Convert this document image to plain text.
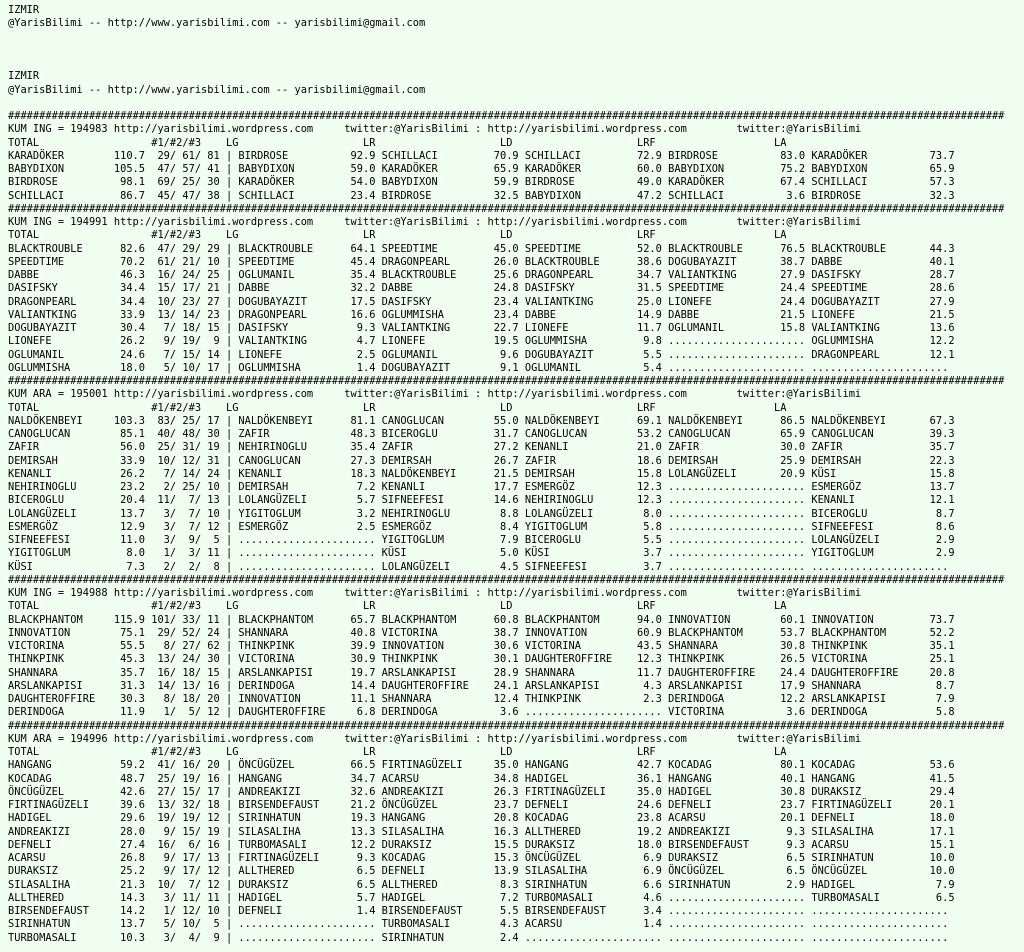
IZMIR
@YarisBilimi -- http://www.yarisbilimi.com -- yarisbilimi@gmail.com
IZMIR
@YarisBilimi -- http://www.yarisbilimi.com -- yarisbilimi@gmail.com
################################################################################################################################################################
KUM ING = 194983 http://yarisbilimi.wordpress.com     twitter:@YarisBilimi : http://yarisbilimi.wordpress.com        twitter:@YarisBilimi
TOTAL                  #1/#2/#3    LG                    LR                    LD                    LRF                   LA
KARADÖKER        110.7  29/ 61/ 81 | BIRDROSE          92.9 SCHILLACI         70.9 SCHILLACI         72.9 BIRDROSE          83.0 KARADÖKER          73.7
BABYDIXON        105.5  47/ 57/ 41 | BABYDIXON         59.0 KARADÖKER         65.9 KARADÖKER         60.0 BABYDIXON         75.2 BABYDIXON          65.9
BIRDROSE          98.1  69/ 25/ 30 | KARADÖKER         54.0 BABYDIXON         59.9 BIRDROSE          49.0 KARADÖKER         67.4 SCHILLACI          57.3
SCHILLACI         86.7  45/ 47/ 38 | SCHILLACI         23.4 BIRDROSE          32.5 BABYDIXON         47.2 SCHILLACI          3.6 BIRDROSE           32.3
################################################################################################################################################################
KUM ING = 194991 http://yarisbilimi.wordpress.com     twitter:@YarisBilimi : http://yarisbilimi.wordpress.com        twitter:@YarisBilimi
TOTAL                  #1/#2/#3    LG                    LR                    LD                    LRF                   LA
BLACKTROUBLE      82.6  47/ 29/ 29 | BLACKTROUBLE      64.1 SPEEDTIME         45.0 SPEEDTIME         52.0 BLACKTROUBLE      76.5 BLACKTROUBLE       44.3
SPEEDTIME         70.2  61/ 21/ 10 | SPEEDTIME         45.4 DRAGONPEARL       26.0 BLACKTROUBLE      38.6 DOGUBAYAZIT       38.7 DABBE              40.1
DABBE             46.3  16/ 24/ 25 | OGLUMANIL         35.4 BLACKTROUBLE      25.6 DRAGONPEARL       34.7 VALIANTKING       27.9 DASIFSKY           28.7
DASIFSKY          34.4  15/ 17/ 21 | DABBE             32.2 DABBE             24.8 DASIFSKY          31.5 SPEEDTIME         24.4 SPEEDTIME          28.6
DRAGONPEARL       34.4  10/ 23/ 27 | DOGUBAYAZIT       17.5 DASIFSKY          23.4 VALIANTKING       25.0 LIONEFE           24.4 DOGUBAYAZIT        27.9
VALIANTKING       33.9  13/ 14/ 23 | DRAGONPEARL       16.6 OGLUMMISHA        23.4 DABBE             14.9 DABBE             21.5 LIONEFE            21.5
DOGUBAYAZIT       30.4   7/ 18/ 15 | DASIFSKY           9.3 VALIANTKING       22.7 LIONEFE           11.7 OGLUMANIL         15.8 VALIANTKING        13.6
LIONEFE           26.2   9/ 19/  9 | VALIANTKING        4.7 LIONEFE           19.5 OGLUMMISHA         9.8 ...................... OGLUMMISHA         12.2
OGLUMANIL         24.6   7/ 15/ 14 | LIONEFE            2.5 OGLUMANIL          9.6 DOGUBAYAZIT        5.5 ...................... DRAGONPEARL        12.1
OGLUMMISHA        18.0   5/ 10/ 17 | OGLUMMISHA         1.4 DOGUBAYAZIT        9.1 OGLUMANIL          5.4 ...................... ......................
################################################################################################################################################################
KUM ARA = 195001 http://yarisbilimi.wordpress.com     twitter:@YarisBilimi : http://yarisbilimi.wordpress.com        twitter:@YarisBilimi
TOTAL                  #1/#2/#3    LG                    LR                    LD                    LRF                   LA
NALDÖKENBEYI     103.3  83/ 25/ 17 | NALDÖKENBEYI      81.1 CANOGLUCAN        55.0 NALDÖKENBEYI      69.1 NALDÖKENBEYI      86.5 NALDÖKENBEYI       67.3
CANOGLUCAN        85.1  40/ 48/ 30 | ZAFIR             48.3 BICEROGLU         31.7 CANOGLUCAN        53.2 CANOGLUCAN        65.9 CANOGLUCAN         39.3
ZAFIR             56.0  25/ 31/ 19 | NEHIRINOGLU       35.4 ZAFIR             27.2 KENANLI           21.0 ZAFIR             30.0 ZAFIR              35.7
DEMIRSAH          33.9  10/ 12/ 31 | CANOGLUCAN        27.3 DEMIRSAH          26.7 ZAFIR             18.6 DEMIRSAH          25.9 DEMIRSAH           22.3
KENANLI           26.2   7/ 14/ 24 | KENANLI           18.3 NALDÖKENBEYI      21.5 DEMIRSAH          15.8 LOLANGÜZELI       20.9 KÜSI               15.8
NEHIRINOGLU       23.2   2/ 25/ 10 | DEMIRSAH           7.2 KENANLI           17.7 ESMERGÖZ          12.3 ...................... ESMERGÖZ           13.7
BICEROGLU         20.4  11/  7/ 13 | LOLANGÜZELI        5.7 SIFNEEFESI        14.6 NEHIRINOGLU       12.3 ...................... KENANLI            12.1
LOLANGÜZELI       13.7   3/  7/ 10 | YIGITOGLUM         3.2 NEHIRINOGLU        8.8 LOLANGÜZELI        8.0 ...................... BICEROGLU           8.7
ESMERGÖZ          12.9   3/  7/ 12 | ESMERGÖZ           2.5 ESMERGÖZ           8.4 YIGITOGLUM         5.8 ...................... SIFNEEFESI          8.6
SIFNEEFESI        11.0   3/  9/  5 | ...................... YIGITOGLUM         7.9 BICEROGLU          5.5 ...................... LOLANGÜZELI         2.9
YIGITOGLUM         8.0   1/  3/ 11 | ...................... KÜSI               5.0 KÜSI               3.7 ...................... YIGITOGLUM          2.9
KÜSI               7.3   2/  2/  8 | ...................... LOLANGÜZELI        4.5 SIFNEEFESI         3.7 ...................... ......................
################################################################################################################################################################
KUM ING = 194988 http://yarisbilimi.wordpress.com     twitter:@YarisBilimi : http://yarisbilimi.wordpress.com        twitter:@YarisBilimi
TOTAL                  #1/#2/#3    LG                    LR                    LD                    LRF                   LA
BLACKPHANTOM     115.9 101/ 33/ 11 | BLACKPHANTOM      65.7 BLACKPHANTOM      60.8 BLACKPHANTOM      94.0 INNOVATION        60.1 INNOVATION         73.7
INNOVATION        75.1  29/ 52/ 24 | SHANNARA          40.8 VICTORINA         38.7 INNOVATION        60.9 BLACKPHANTOM      53.7 BLACKPHANTOM       52.2
VICTORINA         55.5   8/ 27/ 62 | THINKPINK         39.9 INNOVATION        30.6 VICTORINA         43.5 SHANNARA          30.8 THINKPINK          35.1
THINKPINK         45.3  13/ 24/ 30 | VICTORINA         30.9 THINKPINK         30.1 DAUGHTEROFFIRE    12.3 THINKPINK         26.5 VICTORINA          25.1
SHANNARA          35.7  16/ 18/ 15 | ARSLANKAPISI      19.7 ARSLANKAPISI      28.9 SHANNARA          11.7 DAUGHTEROFFIRE    24.4 DAUGHTEROFFIRE     20.8
ARSLANKAPISI      31.3  14/ 13/ 16 | DERINDOGA         14.4 DAUGHTEROFFIRE    24.1 ARSLANKAPISI       4.3 ARSLANKAPISI      17.9 SHANNARA            8.7
DAUGHTEROFFIRE    30.3   8/ 18/ 20 | INNOVATION        11.1 SHANNARA          12.4 THINKPINK          2.3 DERINDOGA         12.2 ARSLANKAPISI        7.9
DERINDOGA         11.9   1/  5/ 12 | DAUGHTEROFFIRE     6.8 DERINDOGA          3.6 ...................... VICTORINA          3.6 DERINDOGA           5.8
################################################################################################################################################################
KUM ARA = 194996 http://yarisbilimi.wordpress.com     twitter:@YarisBilimi : http://yarisbilimi.wordpress.com        twitter:@YarisBilimi
TOTAL                  #1/#2/#3    LG                    LR                    LD                    LRF                   LA
HANGANG           59.2  41/ 16/ 20 | ÖNCÜGÜZEL         66.5 FIRTINAGÜZELI     35.0 HANGANG           42.7 KOCADAG           80.1 KOCADAG            53.6
KOCADAG           48.7  25/ 19/ 16 | HANGANG           34.7 ACARSU            34.8 HADIGEL           36.1 HANGANG           40.1 HANGANG            41.5
ÖNCÜGÜZEL         42.6  27/ 15/ 17 | ANDREAKIZI        32.6 ANDREAKIZI        26.3 FIRTINAGÜZELI     35.0 HADIGEL           30.8 DURAKSIZ           29.4
FIRTINAGÜZELI     39.6  13/ 32/ 18 | BIRSENDEFAUST     21.2 ÖNCÜGÜZEL         23.7 DEFNELI           24.6 DEFNELI           23.7 FIRTINAGÜZELI      20.1
HADIGEL           29.6  19/ 19/ 12 | SIRINHATUN        19.3 HANGANG           20.8 KOCADAG           23.8 ACARSU            20.1 DEFNELI            18.0
ANDREAKIZI        28.0   9/ 15/ 19 | SILASALIHA        13.3 SILASALIHA        16.3 ALLTHERED         19.2 ANDREAKIZI         9.3 SILASALIHA         17.1
DEFNELI           27.4  16/  6/ 16 | TURBOMASALI       12.2 DURAKSIZ          15.5 DURAKSIZ          18.0 BIRSENDEFAUST      9.3 ACARSU             15.1
ACARSU            26.8   9/ 17/ 13 | FIRTINAGÜZELI      9.3 KOCADAG           15.3 ÖNCÜGÜZEL          6.9 DURAKSIZ           6.5 SIRINHATUN         10.0
DURAKSIZ          25.2   9/ 17/ 12 | ALLTHERED          6.5 DEFNELI           13.9 SILASALIHA         6.9 ÖNCÜGÜZEL          6.5 ÖNCÜGÜZEL          10.0
SILASALIHA        21.3  10/  7/ 12 | DURAKSIZ           6.5 ALLTHERED          8.3 SIRINHATUN         6.6 SIRINHATUN         2.9 HADIGEL             7.9
ALLTHERED         14.3   3/ 11/ 11 | HADIGEL            5.7 HADIGEL            7.2 TURBOMASALI        4.6 ...................... TURBOMASALI         6.5
BIRSENDEFAUST     14.2   1/ 12/ 10 | DEFNELI            1.4 BIRSENDEFAUST      5.5 BIRSENDEFAUST      3.4 ...................... ......................
SIRINHATUN        13.7   5/ 10/  5 | ...................... TURBOMASALI        4.3 ACARSU             1.4 ...................... ......................
TURBOMASALI       10.3   3/  4/  9 | ...................... SIRINHATUN         2.4 ...................... ...................... ......................
